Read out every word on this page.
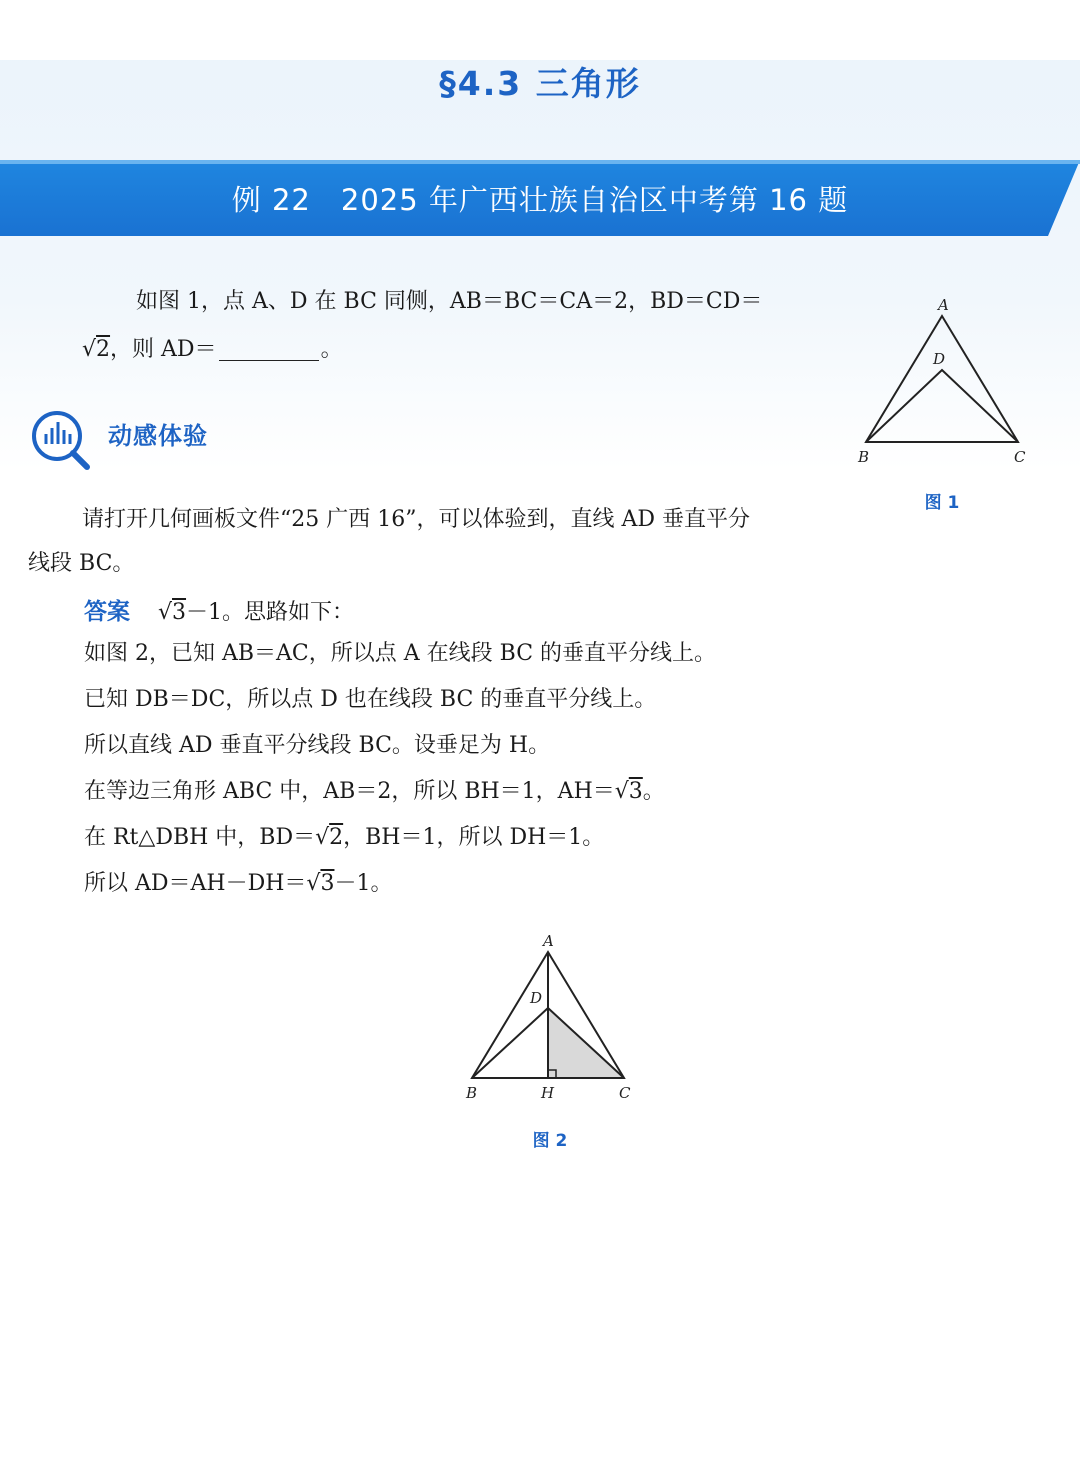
§4.3 三角形
例 22　2025 年广西壮族自治区中考第 16 题

如图 1，点 A、D 在 BC 同侧，AB＝BC＝CA＝2，BD＝CD＝

√2，则 AD＝	。

A
D
B	C
图 1
动感体验

请打开几何画板文件“25 广西 16”，可以体验到，直线 AD 垂直平分

线段 BC。

答案 √3－1。思路如下：
如图 2，已知 AB＝AC，所以点 A 在线段 BC 的垂直平分线上。
已知 DB＝DC，所以点 D 也在线段 BC 的垂直平分线上。
所以直线 AD 垂直平分线段 BC。设垂足为 H。
在等边三角形 ABC 中，AB＝2，所以 BH＝1，AH＝√3。
在 Rt△DBH 中，BD＝√2，BH＝1，所以 DH＝1。
所以 AD＝AH－DH＝√3－1。
A
D
B	H	C
图 2
